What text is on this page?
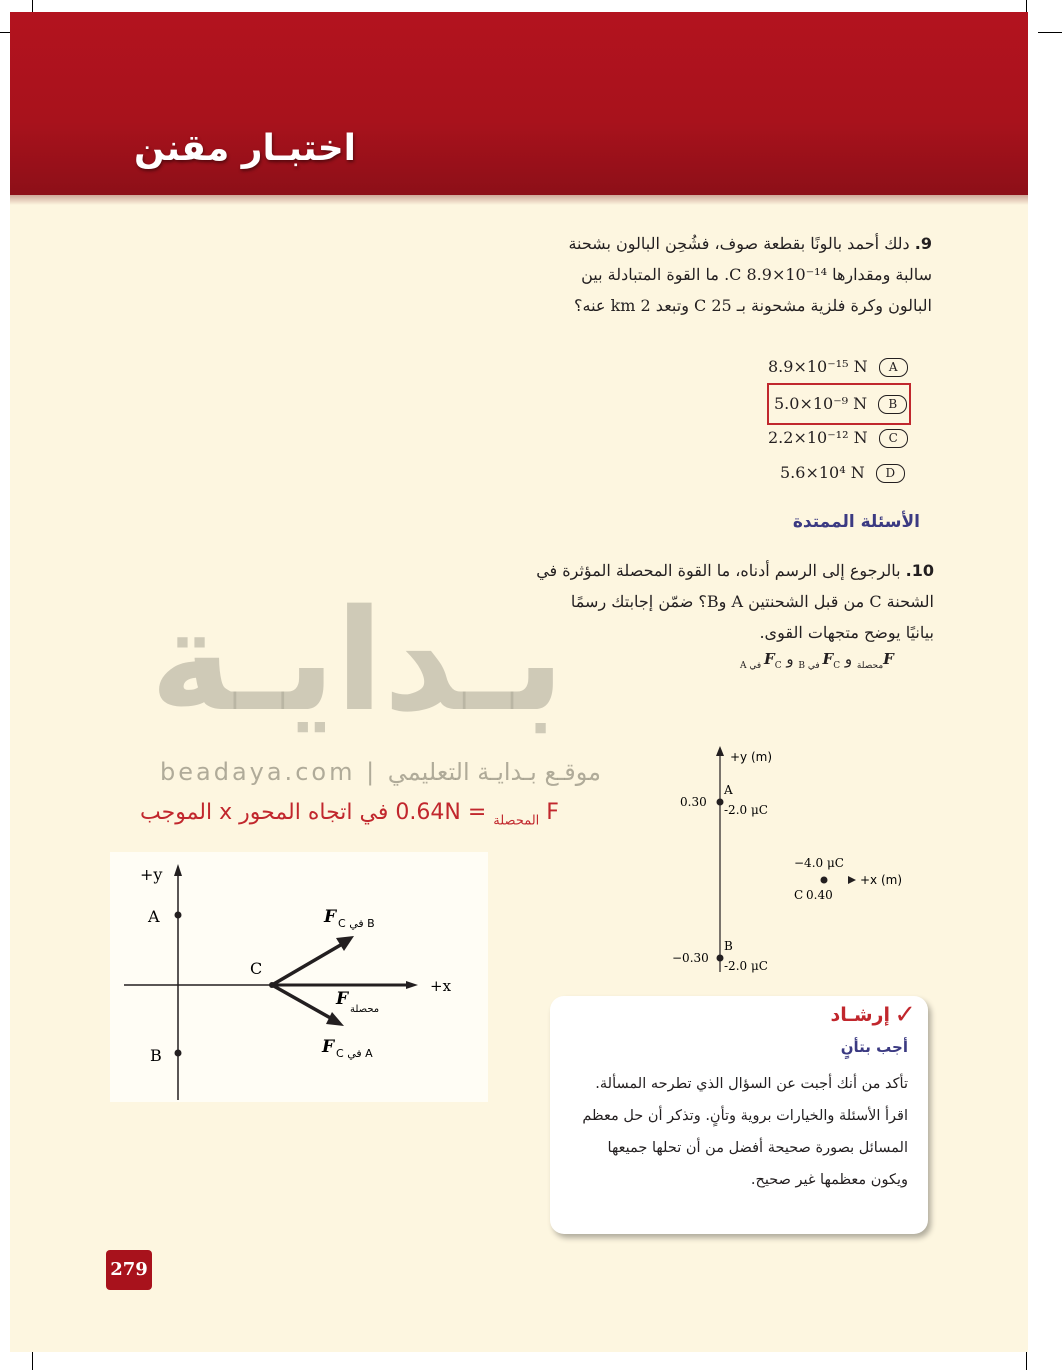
اختبـار مقنن
بـدايـة
beadaya.com | موقـع بـدايـة التعليمي
9. دلك أحمد بالونًا بقطعة صوف، فشُحِن البالون بشحنة
سالبة ومقدارها C 8.9×10⁻¹⁴. ما القوة المتبادلة بين
البالون وكرة فلزية مشحونة بـ C 25 وتبعد km 2 عنه؟
8.9×10⁻¹⁵ N A
5.0×10⁻⁹ N B
2.2×10⁻¹² N C
5.6×10⁴ N D
الأسئلة الممتدة
10. بالرجوع إلى الرسم أدناه، ما القوة المحصلة المؤثرة في
الشحنة C من قبل الشحنتين A وB؟ ضمّن إجابتك رسمًا
بيانيًا يوضح متجهات القوى.
$F_{محصلة}$ و $F_{C في B}$ و $F_{C في A}$
+y (m)
A
0.30
-2.0 μC
B
−0.30
-2.0 μC
−4.0 μC
C 0.40
+x (m)
F $_{المحصلة}$ = 0.64N في اتجاه المحور x الموجب
+y
+x
A
B
C
F C في B
F
محصلة
F C في A
✓
إرشـاد
أجب بتأنٍ
تأكد من أنك أجبت عن السؤال الذي تطرحه المسألة. اقرأ الأسئلة والخيارات بروية وتأنٍ. وتذكر أن حل معظم المسائل بصورة صحيحة أفضل من أن تحلها جميعها ويكون معظمها غير صحيح.
279
